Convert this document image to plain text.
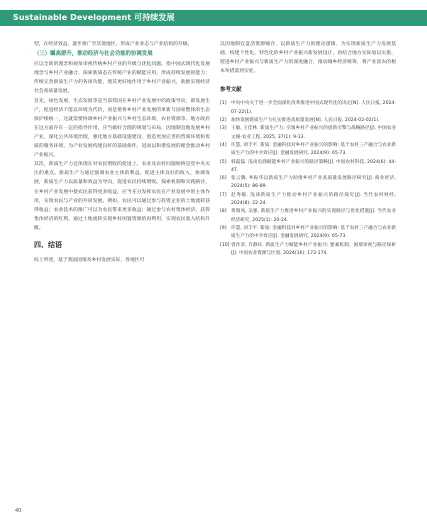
Sustainable Development 可持续发展

型，在经济效益、逐步推广至其他地区，形成产业业态与产业结构的升级。

（三）瞩高群升，推动经济与社会功能的协调发展

应以全新的理念和视角审视传统乡村产业的升级与优化问题。指中国式现代化发展理念与乡村产业融合、探索新质态在传统产业的赋能应用，形成持续发展的能力；传统完善新质生产力的各项功能，使其更好地作用于乡村产业振兴，助推实现经济社会高质量发展。

首先，绿色发展、生态发展等是当前我国在乡村产业发展中的政策导向，即发展生产，促进经济不能以环境为代价，而是要将乡村产业发展的革新与国家整体的生态保护相统一，这就需要协调乡村产业振兴与乡村生态环境、农业资源等。地方政府在这方面存在一定的指导作用，应当做好合理的规划与布局，因地制宜地发展乡村产业，深化公共环境治理，强化地方基础设施建设，创造更加完善的营商环境和优质的服务环境，为产业发展构建良好的基础条件，进而以和谐发展的理念推动乡村产业振兴。

其次，新质生产力还体现在对农民增收的促进上，农业及农村问题始终是党中央关注的重点。新质生产力通过强调农业主体的利益，促进主体良好的收入，协调发展，新质生产力以质量和效益为导向，促进农民持续增收。探索机制和实践路径，在乡村产业发展中使农民获得更多收益，应当充分发挥农民在产业发展中的主体作用，实现农民与产业的共同发展。例如，农民可以通过参与投资企业的土地流转获得收益；农业技术的推广可以为农民带来更多收益；通过参与农村集体经济，获得集体经济的红利。通过土地流转实现乡村闲置资源的再利用，实现农民收入结构升级。

四、结语

综上所述，基于我国国情及乡村发展实际，各地区可

以因地制宜盘活资源赋存、以新质生产力的理论逻辑，为实现新质生产力发展基础、构建个性化、特色化的乡村产业振兴新发展设计，再结合地方实际加以实施，促进乡村产业振兴与新质生产力的深度融合，推动城乡经济统筹，将产业富农的根本举措落到实处。

参考文献
[1] 中央中央关于进一步全面深化改革推进中国式现代化的决定[N]. 人民日报, 2024-07-22(1).
[2] 加快发展新质生产力扎实推进高质量发展[N]. 人民日报, 2024-02-02(1).
[3] 王敏, 王佳林. 新质生产力: 引领乡村产业振兴的创新引擎与战略路径[J]. 中国农业文摘-农业工程, 2025, 37(1): 9-13.
[4] 许慧, 刘丰平. 新质: 金融科技对乡村产业振兴的影响: 基于农村三产融合与农业新质生产力的中介效应[J]. 金融发展研究, 2024(9): 65-73.
[5] 韩磊磊. 浅谈电商赋能乡村产业振兴的路径策略[J]. 中国农村科技, 2024(6): 44-47.
[6] 张云腾, 乡振华以新质生产力助推乡村产业高质量发展路径研究[J]. 商业经济, 2024(5): 86-89.
[7] 赵秀敏. 浅谈新质生产力推动乡村产业振兴的路径探究[J]. 当代农村财经, 2024(8): 22-24.
[8] 黄瑞凤, 吴强. 新质生产力推进乡村产业振兴的实现路径与优化措施[J]. 当代农业经济研究, 2025(1): 20-24.
[9] 许慧, 刘丰平. 新质: 金融科技对乡村产业振兴的影响: 基于农村三产融合与农业新质生产力的中介效应[J]. 金融发展研究, 2024(9): 65-73.
[10] 曾作章, 许静钰. 新质生产力赋能乡村产业振兴: 要素机制、困境审视与路径探析[J]. 中国农业资源与区划, 2024(16): 172-174.
40
